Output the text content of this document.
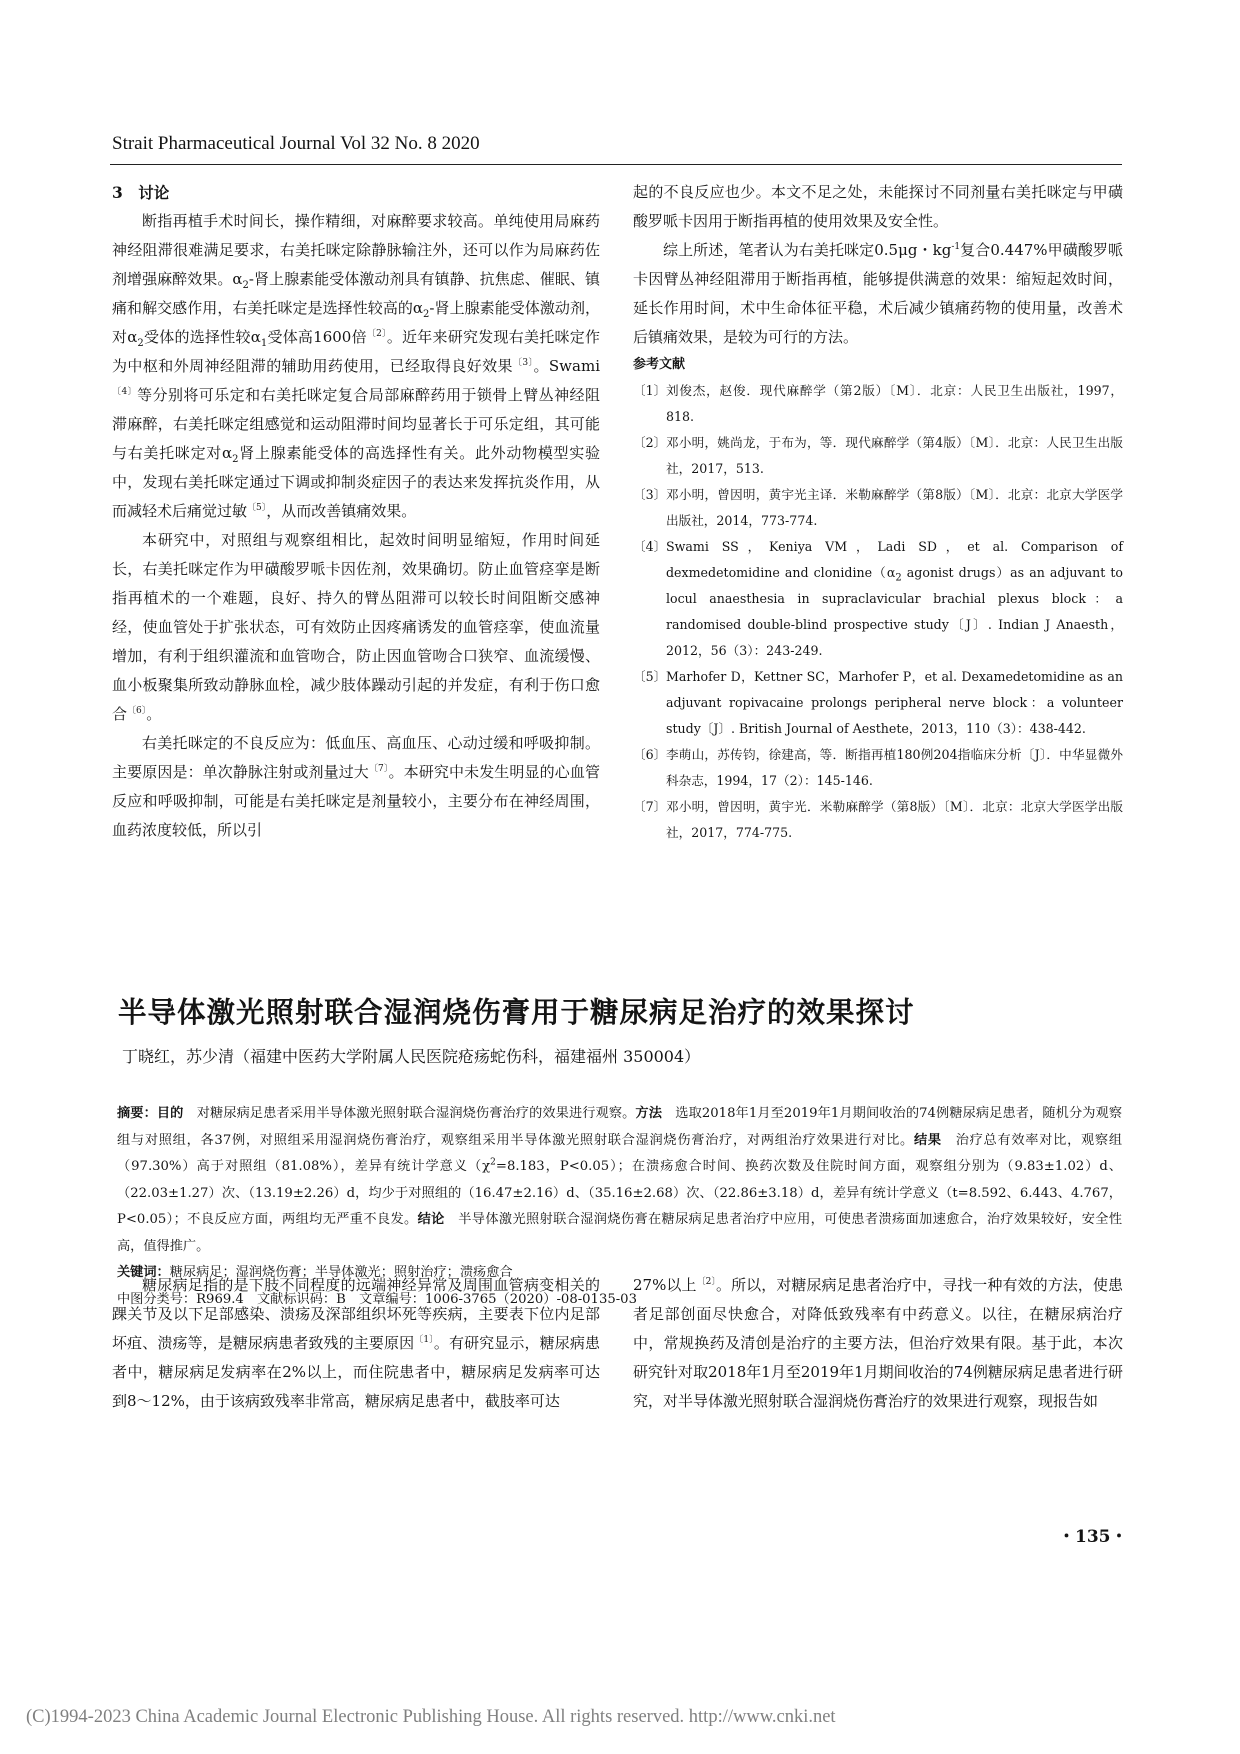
Strait Pharmaceutical Journal Vol 32 No. 8 2020
3　讨论

断指再植手术时间长，操作精细，对麻醉要求较高。单纯使用局麻药神经阻滞很难满足要求，右美托咪定除静脉输注外，还可以作为局麻药佐剂增强麻醉效果。$\alpha_2-$肾上腺素能受体激动剂具有镇静、抗焦虑、催眠、镇痛和解交感作用，右美托咪定是选择性较高的$\alpha_2-$肾上腺素能受体激动剂，对$\alpha_2$受体的选择性较$\alpha_1$受体高1600倍$^{〔2〕}$。近年来研究发现右美托咪定作为中枢和外周神经阻滞的辅助用药使用，已经取得良好效果$^{〔3〕}$。Swami$^{〔4〕}$等分别将可乐定和右美托咪定复合局部麻醉药用于锁骨上臂丛神经阻滞麻醉，右美托咪定组感觉和运动阻滞时间均显著长于可乐定组，其可能与右美托咪定对$\alpha_2$肾上腺素能受体的高选择性有关。此外动物模型实验中，发现右美托咪定通过下调或抑制炎症因子的表达来发挥抗炎作用，从而减轻术后痛觉过敏$^{〔5〕}$，从而改善镇痛效果。

本研究中，对照组与观察组相比，起效时间明显缩短，作用时间延长，右美托咪定作为甲磺酸罗哌卡因佐剂，效果确切。防止血管痉挛是断指再植术的一个难题，良好、持久的臂丛阻滞可以较长时间阻断交感神经，使血管处于扩张状态，可有效防止因疼痛诱发的血管痉挛，使血流量增加，有利于组织灌流和血管吻合，防止因血管吻合口狭窄、血流缓慢、血小板聚集所致动静脉血栓，减少肢体躁动引起的并发症，有利于伤口愈合$^{〔6〕}$。

右美托咪定的不良反应为：低血压、高血压、心动过缓和呼吸抑制。主要原因是：单次静脉注射或剂量过大$^{〔7〕}$。本研究中未发生明显的心血管反应和呼吸抑制，可能是右美托咪定是剂量较小，主要分布在神经周围，血药浓度较低，所以引

起的不良反应也少。本文不足之处，未能探讨不同剂量右美托咪定与甲磺酸罗哌卡因用于断指再植的使用效果及安全性。

综上所述，笔者认为右美托咪定0.5μg・$kg^{-1}$复合0.447%甲磺酸罗哌卡因臂丛神经阻滞用于断指再植，能够提供满意的效果：缩短起效时间，延长作用时间，术中生命体征平稳，术后减少镇痛药物的使用量，改善术后镇痛效果，是较为可行的方法。

参考文献
〔1〕 刘俊杰，赵俊．现代麻醉学（第2版）〔M〕．北京：人民卫生出版社，1997，818.
〔2〕 邓小明，姚尚龙，于布为，等．现代麻醉学（第4版）〔M〕．北京：人民卫生出版社，2017，513.
〔3〕 邓小明，曾因明，黄宇光主译．米勒麻醉学（第8版）〔M〕．北京：北京大学医学出版社，2014，773-774.
〔4〕 Swami SS，Keniya VM，Ladi SD，et al. Comparison of dexmedetomidine and $clonidine(\alpha_2$ agonist drugs）as an adjuvant to locul anaesthesia in supraclavicular brachial plexus block：a randomised double-blind prospective study〔J〕. Indian J Anaesth，2012，56（3）：243-249.
〔5〕 Marhofer D，Kettner SC，Marhofer P，et al. Dexamedetomidine as an adjuvant ropivacaine prolongs peripheral nerve block：a volunteer study〔J〕. British Journal of Aesthete，2013，110（3）：438-442.
〔6〕 李萌山，苏传钧，徐建高，等．断指再植180例204指临床分析〔J〕．中华显微外科杂志，1994，17（2）：145-146.
〔7〕 邓小明，曾因明，黄宇光．米勒麻醉学（第8版）〔M〕．北京：北京大学医学出版社，2017，774-775.
半导体激光照射联合湿润烧伤膏用于糖尿病足治疗的效果探讨
丁晓红，苏少清（福建中医药大学附属人民医院疮疡蛇伤科，福建福州 350004）

摘要：目的　对糖尿病足患者采用半导体激光照射联合湿润烧伤膏治疗的效果进行观察。方法　选取2018年1月至2019年1月期间收治的74例糖尿病足患者，随机分为观察组与对照组，各37例，对照组采用湿润烧伤膏治疗，观察组采用半导体激光照射联合湿润烧伤膏治疗，对两组治疗效果进行对比。结果　治疗总有效率对比，观察组（97.30%）高于对照组（81.08%），差异有统计学意义（$\chi^2=8.183$，P<0.05）；在溃疡愈合时间、换药次数及住院时间方面，观察组分别为（9.83±1.02）d、（22.03±1.27）次、（13.19±2.26）d，均少于对照组的（16.47±2.16）d、（35.16±2.68）次、（22.86±3.18）d，差异有统计学意义（t=8.592、6.443、4.767，P<0.05）；不良反应方面，两组均无严重不良发。结论　半导体激光照射联合湿润烧伤膏在糖尿病足患者治疗中应用，可使患者溃疡面加速愈合，治疗效果较好，安全性高，值得推广。

关键词：糖尿病足；湿润烧伤膏；半导体激光；照射治疗；溃疡愈合

中图分类号：R969.4　 文献标识码：B　 文章编号：1006-3765（2020）-08-0135-03

糖尿病足指的是下肢不同程度的远端神经异常及周围血管病变相关的踝关节及以下足部感染、溃疡及深部组织坏死等疾病，主要表下位内足部坏疽、溃疡等，是糖尿病患者致残的主要原因$^{〔1〕}$。有研究显示，糖尿病患者中，糖尿病足发病率在2%以上，而住院患者中，糖尿病足发病率可达到8～12%，由于该病致残率非常高，糖尿病足患者中，截肢率可达

27%以上$^{〔2〕}$。所以，对糖尿病足患者治疗中，寻找一种有效的方法，使患者足部创面尽快愈合，对降低致残率有中药意义。以往，在糖尿病治疗中，常规换药及清创是治疗的主要方法，但治疗效果有限。基于此，本次研究针对取2018年1月至2019年1月期间收治的74例糖尿病足患者进行研究，对半导体激光照射联合湿润烧伤膏治疗的效果进行观察，现报告如

・135・
(C)1994-2023 China Academic Journal Electronic Publishing House. All rights reserved. http://www.cnki.net
